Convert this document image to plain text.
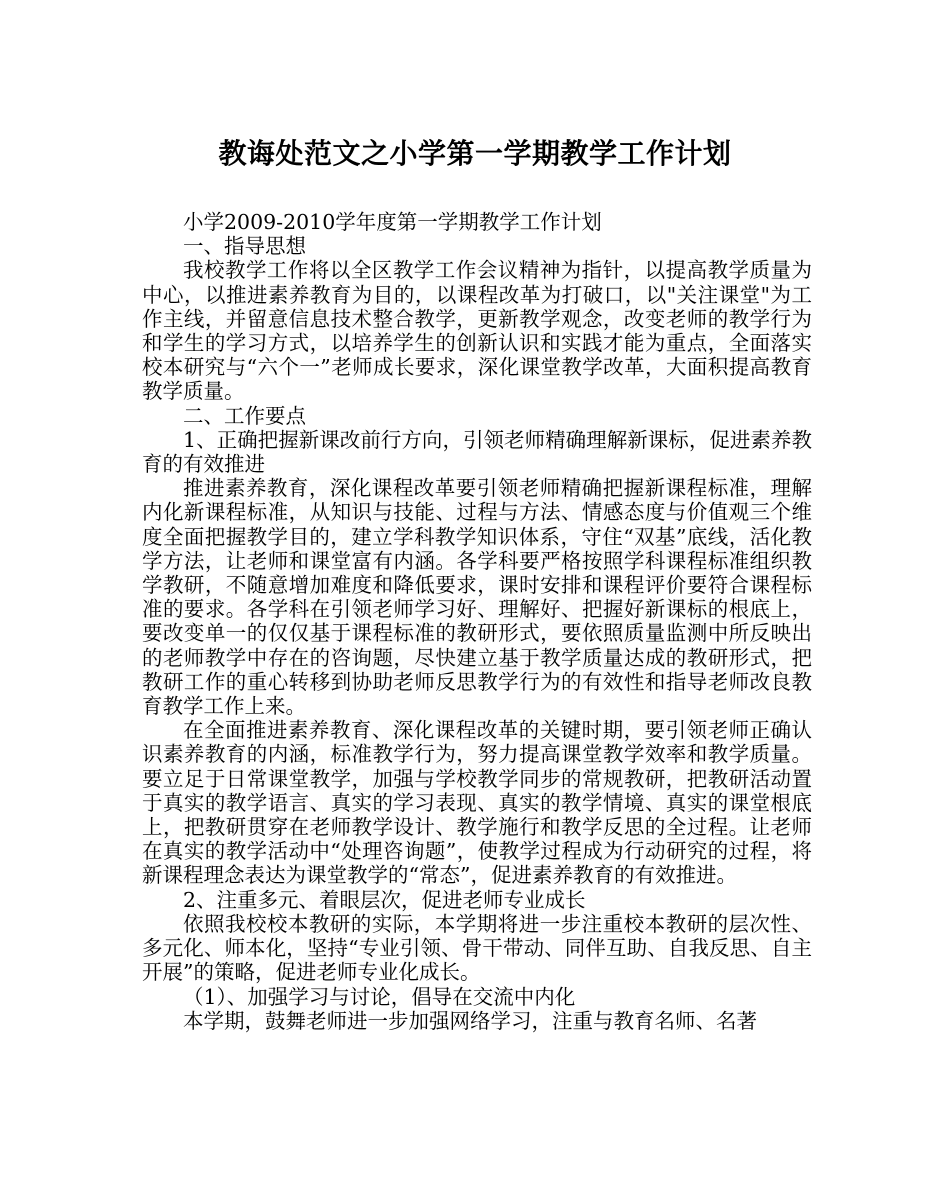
教诲处范文之小学第一学期教学工作计划

小学2009-2010学年度第一学期教学工作计划

一、指导思想

我校教学工作将以全区教学工作会议精神为指针，以提高教学质量为中心，以推进素养教育为目的，以课程改革为打破口，以"关注课堂"为工作主线，并留意信息技术整合教学，更新教学观念，改变老师的教学行为和学生的学习方式，以培养学生的创新认识和实践才能为重点，全面落实校本研究与“六个一”老师成长要求，深化课堂教学改革，大面积提高教育教学质量。

二、工作要点

1、正确把握新课改前行方向，引领老师精确理解新课标，促进素养教育的有效推进

推进素养教育，深化课程改革要引领老师精确把握新课程标准，理解内化新课程标准，从知识与技能、过程与方法、情感态度与价值观三个维度全面把握教学目的，建立学科教学知识体系，守住“双基”底线，活化教学方法，让老师和课堂富有内涵。各学科要严格按照学科课程标准组织教学教研，不随意增加难度和降低要求，课时安排和课程评价要符合课程标准的要求。各学科在引领老师学习好、理解好、把握好新课标的根底上，要改变单一的仅仅基于课程标准的教研形式，要依照质量监测中所反映出的老师教学中存在的咨询题，尽快建立基于教学质量达成的教研形式，把教研工作的重心转移到协助老师反思教学行为的有效性和指导老师改良教育教学工作上来。

在全面推进素养教育、深化课程改革的关键时期，要引领老师正确认识素养教育的内涵，标准教学行为，努力提高课堂教学效率和教学质量。要立足于日常课堂教学，加强与学校教学同步的常规教研，把教研活动置于真实的教学语言、真实的学习表现、真实的教学情境、真实的课堂根底上，把教研贯穿在老师教学设计、教学施行和教学反思的全过程。让老师在真实的教学活动中“处理咨询题”，使教学过程成为行动研究的过程，将新课程理念表达为课堂教学的“常态”，促进素养教育的有效推进。

2、注重多元、着眼层次，促进老师专业成长

依照我校校本教研的实际，本学期将进一步注重校本教研的层次性、多元化、师本化，坚持“专业引领、骨干带动、同伴互助、自我反思、自主开展”的策略，促进老师专业化成长。

（1）、加强学习与讨论，倡导在交流中内化

本学期，鼓舞老师进一步加强网络学习，注重与教育名师、名著
